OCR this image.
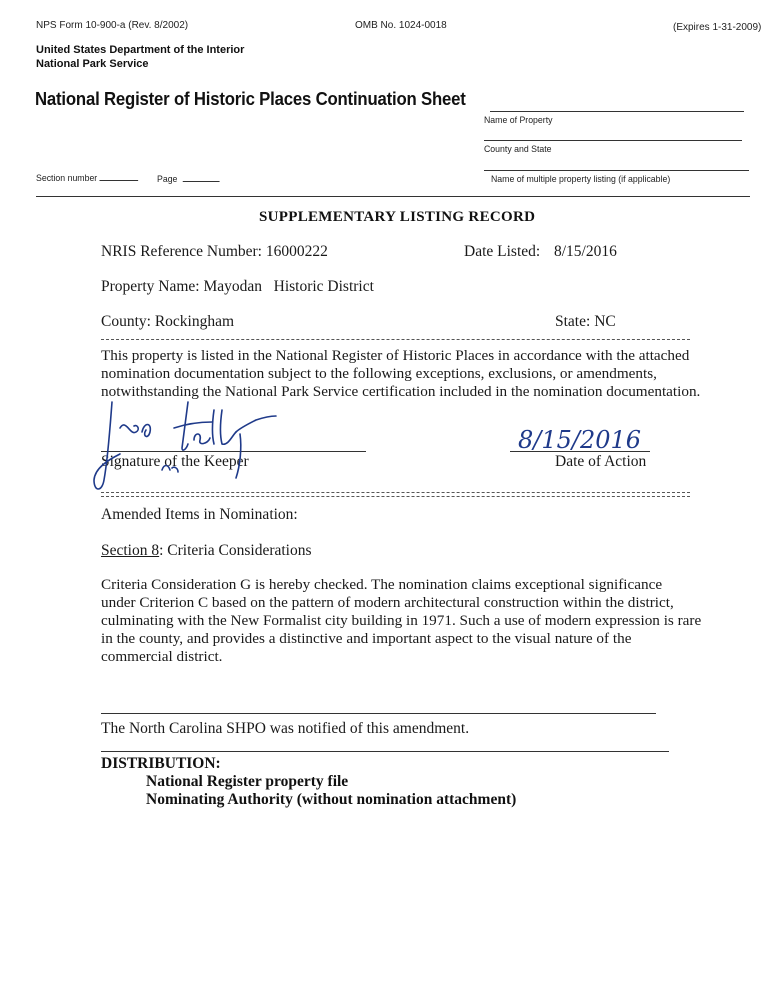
NPS Form 10-900-a (Rev. 8/2002)	OMB No. 1024-0018	(Expires 1-31-2009)
United States Department of the Interior
National Park Service
National Register of Historic Places Continuation Sheet
Name of Property
County and State
Name of multiple property listing (if applicable)
Section number	Page
SUPPLEMENTARY LISTING RECORD
NRIS Reference Number: 16000222	Date Listed: 8/15/2016
Property Name: Mayodan   Historic District
County: Rockingham	State: NC
This property is listed in the National Register of Historic Places in accordance with the attached
nomination documentation subject to the following exceptions, exclusions, or amendments,
notwithstanding the National Park Service certification included in the nomination documentation.
Signature of the Keeper
8/15/2016
Date of Action
Amended Items in Nomination:
Section 8: Criteria Considerations
Criteria Consideration G is hereby checked. The nomination claims exceptional significance
under Criterion C based on the pattern of modern architectural construction within the district,
culminating with the New Formalist city building in 1971. Such a use of modern expression is rare
in the county, and provides a distinctive and important aspect to the visual nature of the
commercial district.
The North Carolina SHPO was notified of this amendment.
DISTRIBUTION:
National Register property file
Nominating Authority (without nomination attachment)
